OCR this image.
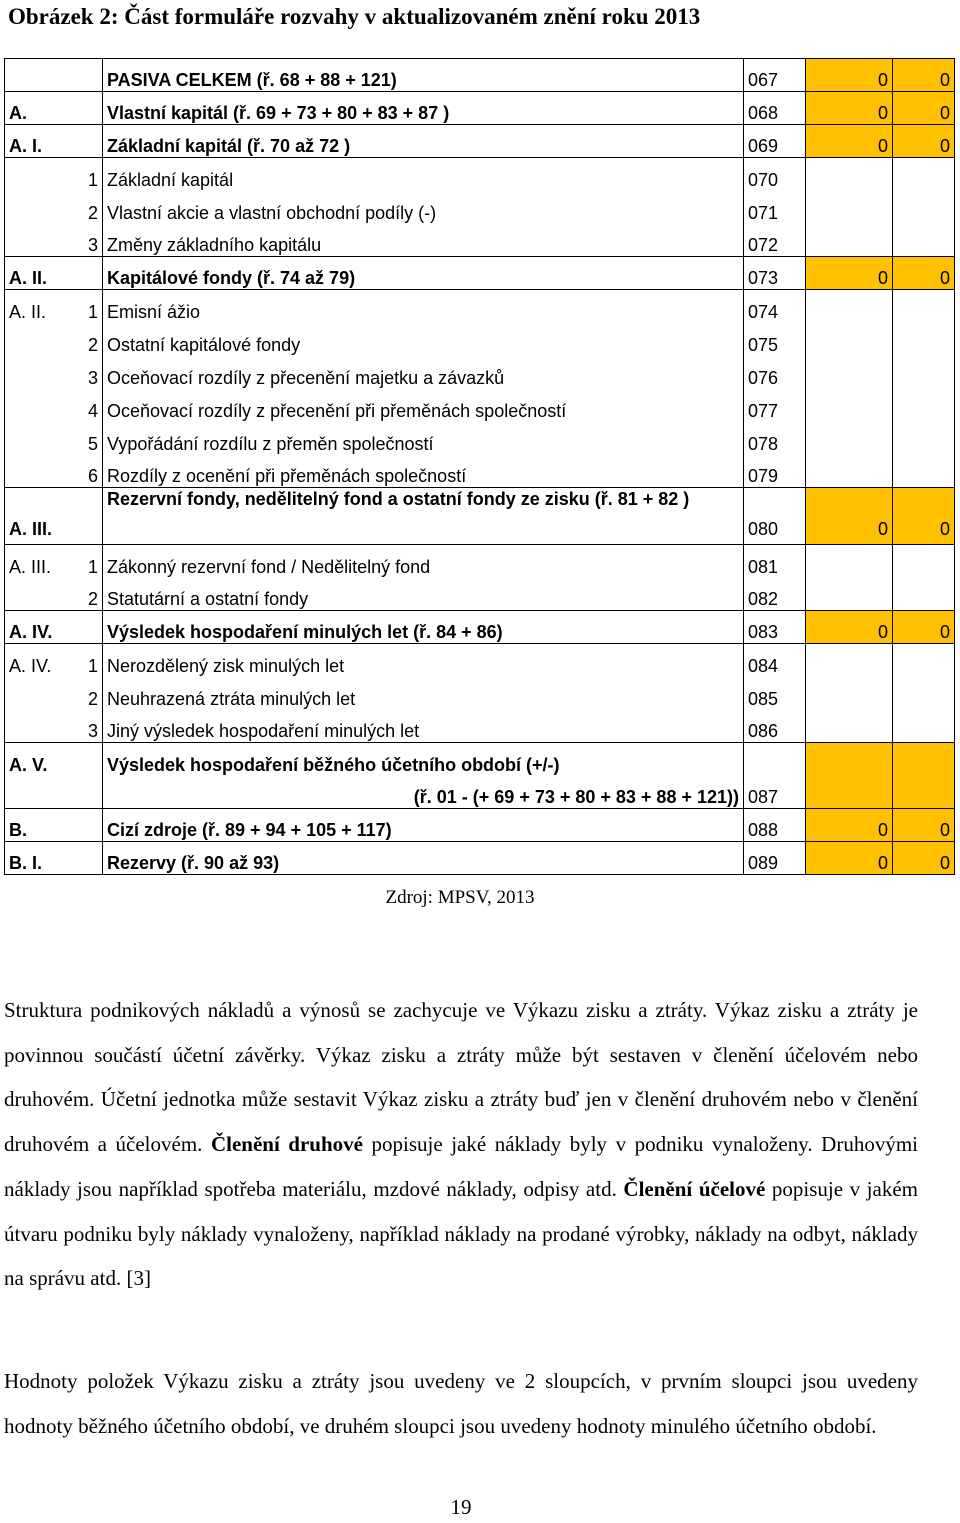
Obrázek 2: Část formuláře rozvahy v aktualizovaném znění roku 2013
		PASIVA CELKEM (ř. 68 + 88 + 121)	067	0	0
A.		Vlastní kapitál (ř. 69 + 73 + 80 + 83 + 87 )	068	0	0
A. I.		Základní kapitál (ř. 70 až 72 )	069	0	0
	1	Základní kapitál	070		
	2	Vlastní akcie a vlastní obchodní podíly (-)	071		
	3	Změny základního kapitálu	072		
A. II.		Kapitálové fondy (ř. 74 až 79)	073	0	0
A. II.	1	Emisní ážio	074		
	2	Ostatní kapitálové fondy	075		
	3	Oceňovací rozdíly z přecenění majetku a závazků	076		
	4	Oceňovací rozdíly z přecenění při přeměnách společností	077		
	5	Vypořádání rozdílu z přeměn společností	078		
	6	Rozdíly z ocenění při přeměnách společností	079		
A. III.		Rezervní fondy, nedělitelný fond a ostatní fondy ze zisku (ř. 81 + 82 )	080	0	0
A. III.	1	Zákonný rezervní fond / Nedělitelný fond	081		
	2	Statutární a ostatní fondy	082		
A. IV.		Výsledek hospodaření minulých let (ř. 84 + 86)	083	0	0
A. IV.	1	Nerozdělený zisk minulých let	084		
	2	Neuhrazená ztráta minulých let	085		
	3	Jiný výsledek hospodaření minulých let	086		
A. V.		Výsledek hospodaření běžného účetního období (+/-)			
		(ř. 01 - (+ 69 + 73 + 80 + 83 + 88 + 121))	087		
B.		Cizí zdroje (ř. 89 + 94 + 105 + 117)	088	0	0
B. I.		Rezervy (ř. 90 až 93)	089	0	0
Zdroj: MPSV, 2013

Struktura podnikových nákladů a výnosů se zachycuje ve Výkazu zisku a ztráty. Výkaz zisku a ztráty je povinnou součástí účetní závěrky. Výkaz zisku a ztráty může být sestaven v členění účelovém nebo druhovém. Účetní jednotka může sestavit Výkaz zisku a ztráty buď jen v členění druhovém nebo v členění druhovém a účelovém. Členění druhové popisuje jaké náklady byly v podniku vynaloženy. Druhovými náklady jsou například spotřeba materiálu, mzdové náklady, odpisy atd. Členění účelové popisuje v jakém útvaru podniku byly náklady vynaloženy, například náklady na prodané výrobky, náklady na odbyt, náklady na správu atd. [3]

Hodnoty položek Výkazu zisku a ztráty jsou uvedeny ve 2 sloupcích, v prvním sloupci jsou uvedeny hodnoty běžného účetního období, ve druhém sloupci jsou uvedeny hodnoty minulého účetního období.

19
